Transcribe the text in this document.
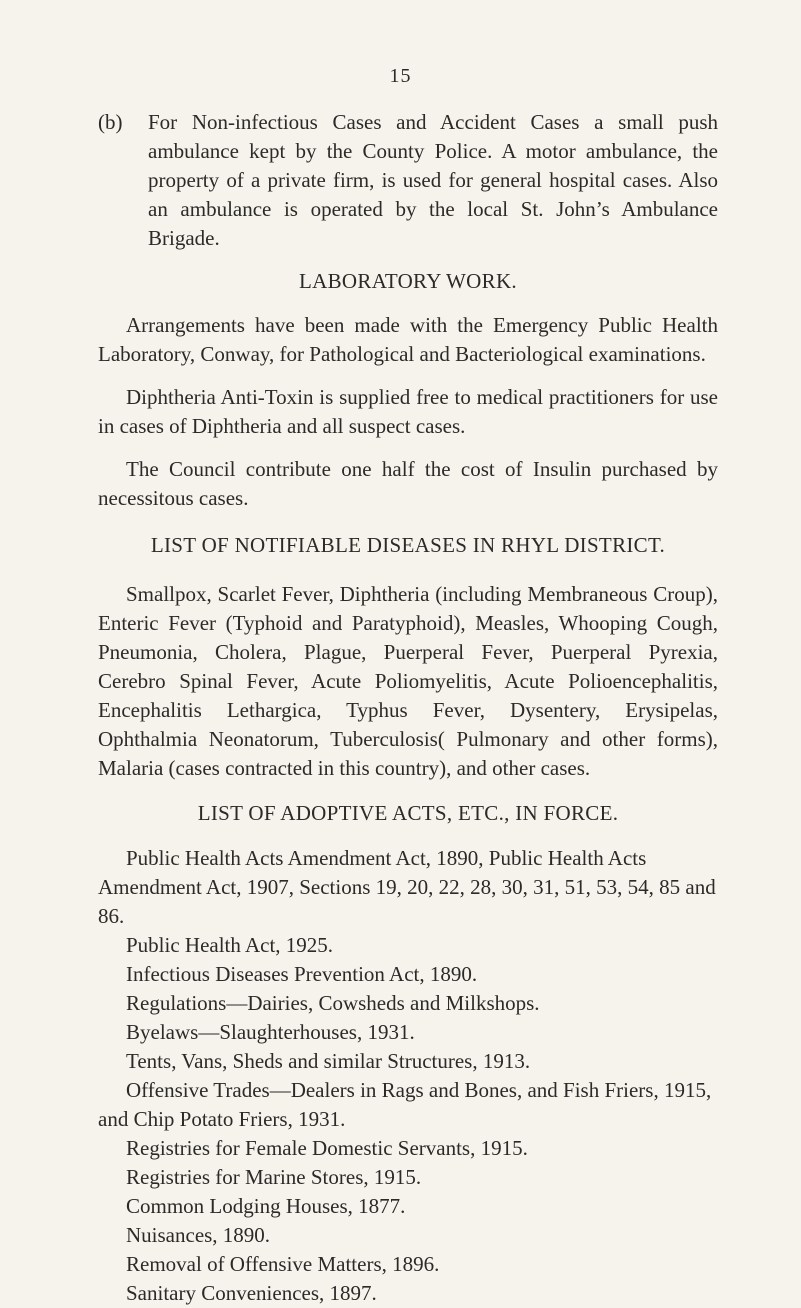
15

(b) For Non-infectious Cases and Accident Cases a small push ambulance kept by the County Police. A motor ambulance, the property of a private firm, is used for general hospital cases. Also an ambulance is operated by the local St. John’s Ambulance Brigade.

LABORATORY WORK.

Arrangements have been made with the Emergency Public Health Laboratory, Conway, for Pathological and Bacteriological examinations.

Diphtheria Anti-Toxin is supplied free to medical practitioners for use in cases of Diphtheria and all suspect cases.

The Council contribute one half the cost of Insulin purchased by necessitous cases.

LIST OF NOTIFIABLE DISEASES IN RHYL DISTRICT.

Smallpox, Scarlet Fever, Diphtheria (including Membraneous Croup), Enteric Fever (Typhoid and Paratyphoid), Measles, Whooping Cough, Pneumonia, Cholera, Plague, Puerperal Fever, Puerperal Pyrexia, Cerebro Spinal Fever, Acute Poliomyelitis, Acute Polioencephalitis, Encephalitis Lethargica, Typhus Fever, Dysentery, Erysipelas, Ophthalmia Neonatorum, Tuberculosis( Pulmonary and other forms), Malaria (cases contracted in this country), and other cases.

LIST OF ADOPTIVE ACTS, ETC., IN FORCE.
Public Health Acts Amendment Act, 1890, Public Health Acts Amendment Act, 1907, Sections 19, 20, 22, 28, 30, 31, 51, 53, 54, 85 and 86.
Public Health Act, 1925.
Infectious Diseases Prevention Act, 1890.
Regulations—Dairies, Cowsheds and Milkshops.
Byelaws—Slaughterhouses, 1931.
Tents, Vans, Sheds and similar Structures, 1913.
Offensive Trades—Dealers in Rags and Bones, and Fish Friers, 1915, and Chip Potato Friers, 1931.
Registries for Female Domestic Servants, 1915.
Registries for Marine Stores, 1915.
Common Lodging Houses, 1877.
Nuisances, 1890.
Removal of Offensive Matters, 1896.
Sanitary Conveniences, 1897.
